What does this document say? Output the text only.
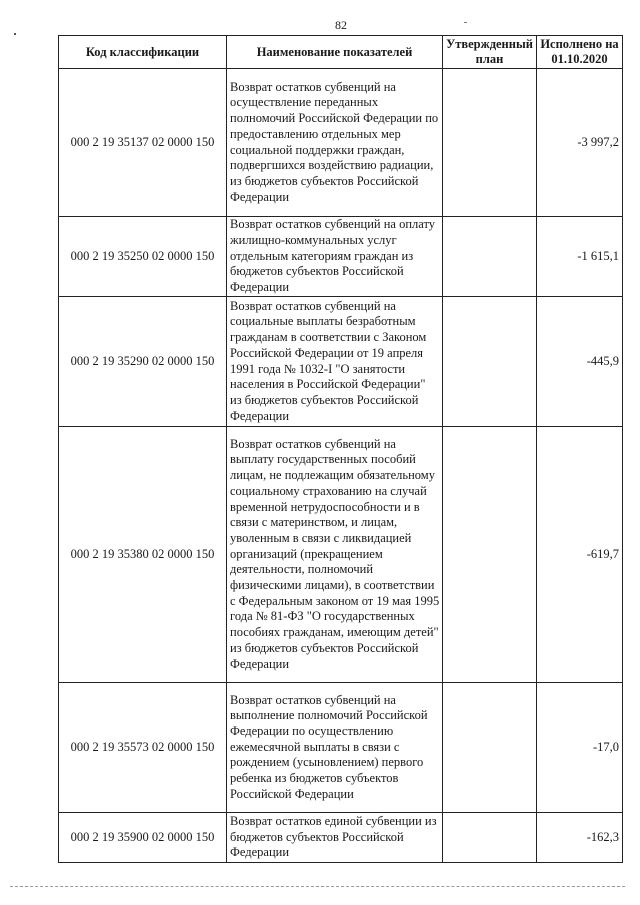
82
Код классификации	Наименование показателей	Утвержденный план	Исполнено на 01.10.2020
000 2 19 35137 02 0000 150	Возврат остатков субвенций на осуществление переданных полномочий Российской Федерации по предоставлению отдельных мер социальной поддержки граждан, подвергшихся воздействию радиации, из бюджетов субъектов Российской Федерации		-3 997,2
000 2 19 35250 02 0000 150	Возврат остатков субвенций на оплату жилищно-коммунальных услуг отдельным категориям граждан из бюджетов субъектов Российской Федерации		-1 615,1
000 2 19 35290 02 0000 150	Возврат остатков субвенций на социальные выплаты безработным гражданам в соответствии с Законом Российской Федерации от 19 апреля 1991 года № 1032-I "О занятости населения в Российской Федерации" из бюджетов субъектов Российской Федерации		-445,9
000 2 19 35380 02 0000 150	Возврат остатков субвенций на выплату государственных пособий лицам, не подлежащим обязательному социальному страхованию на случай временной нетрудоспособности и в связи с материнством, и лицам, уволенным в связи с ликвидацией организаций (прекращением деятельности, полномочий физическими лицами), в соответствии с Федеральным законом от 19 мая 1995 года № 81-ФЗ "О государственных пособиях гражданам, имеющим детей" из бюджетов субъектов Российской Федерации		-619,7
000 2 19 35573 02 0000 150	Возврат остатков субвенций на выполнение полномочий Российской Федерации по осуществлению ежемесячной выплаты в связи с рождением (усыновлением) первого ребенка из бюджетов субъектов Российской Федерации		-17,0
000 2 19 35900 02 0000 150	Возврат остатков единой субвенции из бюджетов субъектов Российской Федерации		-162,3
